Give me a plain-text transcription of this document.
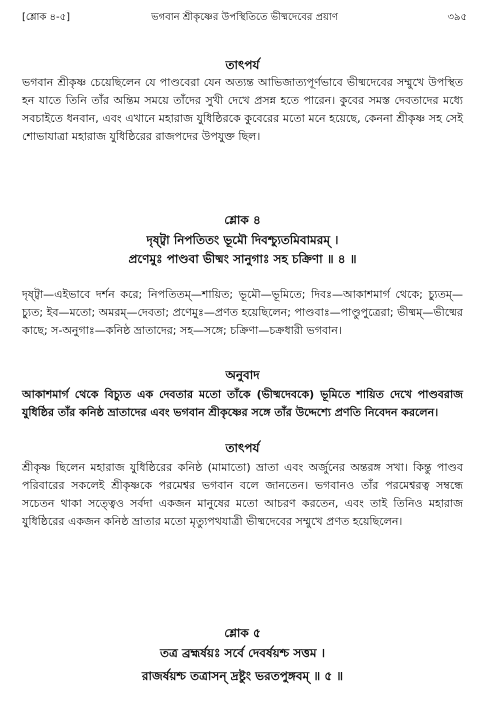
[শ্লোক ৪-৫]	ভগবান শ্রীকৃষ্ণের উপস্থিতিতে ভীষ্মদেবের প্রয়াণ	৩৯৫
তাৎপর্য
ভগবান শ্রীকৃষ্ণ চেয়েছিলেন যে পাণ্ডবেরা যেন অত্যন্ত আভিজাত্যপূর্ণভাবে ভীষ্মদেবের সম্মুখে উপস্থিত হন যাতে তিনি তাঁর অন্তিম সময়ে তাঁদের সুখী দেখে প্রসন্ন হতে পারেন। কুবের সমস্ত দেবতাদের মধ্যে সবচাইতে ধনবান, এবং এখানে মহারাজ যুধিষ্ঠিরকে কুবেরের মতো মনে হয়েছে, কেননা শ্রীকৃষ্ণ সহ সেই শোভাযাত্রা মহারাজ যুধিষ্ঠিরের রাজপদের উপযুক্ত ছিল।
শ্লোক ৪
দৃষ্ট্বা নিপতিতং ভূমৌ দিবশ্চ্যুতমিবামরম্ ।
প্রণেমুঃ পাণ্ডবা ভীষ্মং সানুগাঃ সহ চক্রিণা ॥ ৪ ॥
দৃষ্ট্বা—এইভাবে দর্শন করে; নিপতিতম্—শায়িত; ভূমৌ—ভূমিতে; দিবঃ—আকাশমার্গ থেকে; চ্যুতম্—চ্যুত; ইব—মতো; অমরম্—দেবতা; প্রণেমুঃ—প্রণত হয়েছিলেন; পাণ্ডবাঃ—পাণ্ডুপুত্রেরা; ভীষ্মম্—ভীষ্মের কাছে; স-অনুগাঃ—কনিষ্ঠ ভ্রাতাদের; সহ—সঙ্গে; চক্রিণা—চক্রধারী ভগবান।
অনুবাদ
আকাশমার্গ থেকে বিচ্যুত এক দেবতার মতো তাঁকে (ভীষ্মদেবকে) ভূমিতে শায়িত দেখে পাণ্ডবরাজ যুধিষ্ঠির তাঁর কনিষ্ঠ ভ্রাতাদের এবং ভগবান শ্রীকৃষ্ণের সঙ্গে তাঁর উদ্দেশ্যে প্রণতি নিবেদন করলেন।
তাৎপর্য
শ্রীকৃষ্ণ ছিলেন মহারাজ যুধিষ্ঠিরের কনিষ্ঠ (মামাতো) ভ্রাতা এবং অর্জুনের অন্তরঙ্গ সখা। কিন্তু পাণ্ডব পরিবারের সকলেই শ্রীকৃষ্ণকে পরমেশ্বর ভগবান বলে জানতেন। ভগবানও তাঁর পরমেশ্বরত্ব সম্বন্ধে সচেতন থাকা সত্ত্বেও সর্বদা একজন মানুষের মতো আচরণ করতেন, এবং তাই তিনিও মহারাজ যুধিষ্ঠিরের একজন কনিষ্ঠ ভ্রাতার মতো মৃত্যুপথযাত্রী ভীষ্মদেবের সম্মুখে প্রণত হয়েছিলেন।
শ্লোক ৫
তত্র ব্রহ্মর্ষয়ঃ সর্বে দেবর্ষয়শ্চ সত্তম ।
রাজর্ষয়শ্চ তত্রাসন্ দ্রষ্টুং ভরতপুঙ্গবম্ ॥ ৫ ॥
